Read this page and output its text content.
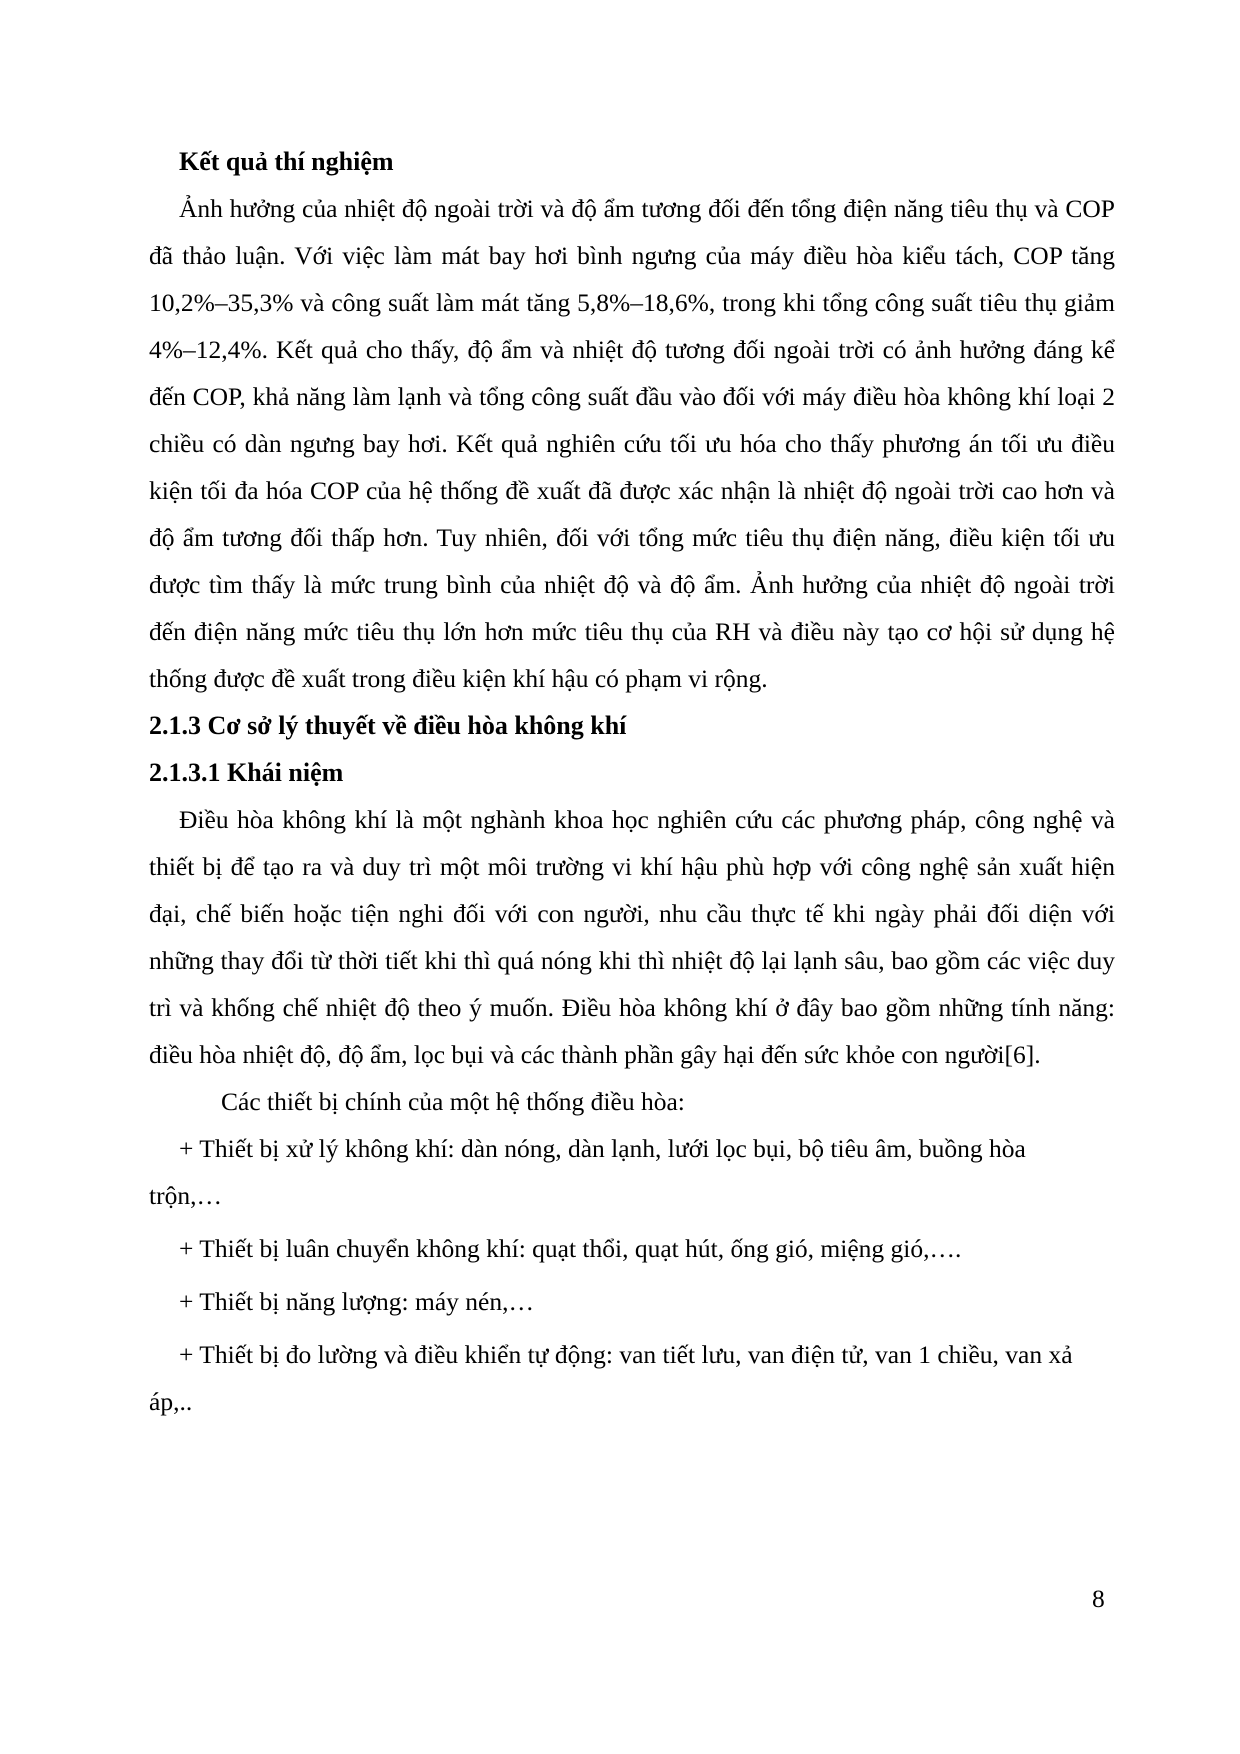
Kết quả thí nghiệm

Ảnh hưởng của nhiệt độ ngoài trời và độ ẩm tương đối đến tổng điện năng tiêu thụ và COP đã thảo luận. Với việc làm mát bay hơi bình ngưng của máy điều hòa kiểu tách, COP tăng 10,2%–35,3% và công suất làm mát tăng 5,8%–18,6%, trong khi tổng công suất tiêu thụ giảm 4%–12,4%. Kết quả cho thấy, độ ẩm và nhiệt độ tương đối ngoài trời có ảnh hưởng đáng kể đến COP, khả năng làm lạnh và tổng công suất đầu vào đối với máy điều hòa không khí loại 2 chiều có dàn ngưng bay hơi. Kết quả nghiên cứu tối ưu hóa cho thấy phương án tối ưu điều kiện tối đa hóa COP của hệ thống đề xuất đã được xác nhận là nhiệt độ ngoài trời cao hơn và độ ẩm tương đối thấp hơn. Tuy nhiên, đối với tổng mức tiêu thụ điện năng, điều kiện tối ưu được tìm thấy là mức trung bình của nhiệt độ và độ ẩm. Ảnh hưởng của nhiệt độ ngoài trời đến điện năng mức tiêu thụ lớn hơn mức tiêu thụ của RH và điều này tạo cơ hội sử dụng hệ thống được đề xuất trong điều kiện khí hậu có phạm vi rộng.

2.1.3 Cơ sở lý thuyết về điều hòa không khí

2.1.3.1 Khái niệm

Điều hòa không khí là một nghành khoa học nghiên cứu các phương pháp, công nghệ và thiết bị để tạo ra và duy trì một môi trường vi khí hậu phù hợp với công nghệ sản xuất hiện đại, chế biến hoặc tiện nghi đối với con người, nhu cầu thực tế khi ngày phải đối diện với những thay đổi từ thời tiết khi thì quá nóng khi thì nhiệt độ lại lạnh sâu, bao gồm các việc duy trì và khống chế nhiệt độ theo ý muốn. Điều hòa không khí ở đây bao gồm những tính năng: điều hòa nhiệt độ, độ ẩm, lọc bụi và các thành phần gây hại đến sức khỏe con người[6].

Các thiết bị chính của một hệ thống điều hòa:

+ Thiết bị xử lý không khí: dàn nóng, dàn lạnh, lưới lọc bụi, bộ tiêu âm, buồng hòa

trộn,…

+ Thiết bị luân chuyển không khí: quạt thổi, quạt hút, ống gió, miệng gió,….

+ Thiết bị năng lượng: máy nén,…

+ Thiết bị đo lường và điều khiển tự động: van tiết lưu, van điện tử, van 1 chiều, van xả

áp,..

8
